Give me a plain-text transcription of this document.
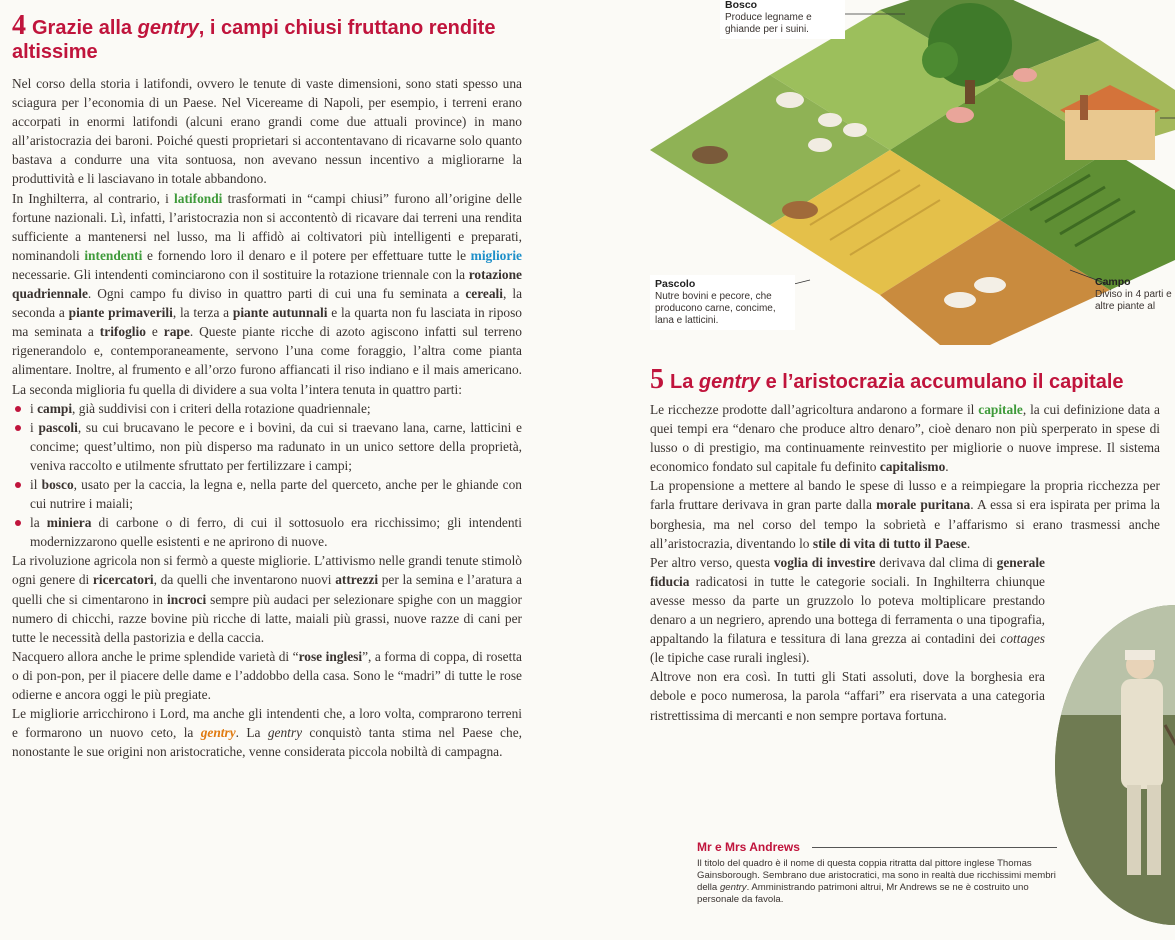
4 Grazie alla gentry, i campi chiusi fruttano rendite altissime

Nel corso della storia i latifondi, ovvero le tenute di vaste dimensioni, sono stati spesso una sciagura per l’economia di un Paese. Nel Vicereame di Napoli, per esempio, i terreni erano accorpati in enormi latifondi (alcuni erano grandi come due attuali province) in mano all’aristocrazia dei baroni. Poiché questi proprietari si accontentavano di ricavarne solo quanto bastava a condurre una vita sontuosa, non avevano nessun incentivo a migliorarne la produttività e li lasciavano in totale abbandono.

In Inghilterra, al contrario, i latifondi trasformati in “campi chiusi” furono all’origine delle fortune nazionali. Lì, infatti, l’aristocrazia non si accontentò di ricavare dai terreni una rendita sufficiente a mantenersi nel lusso, ma li affidò ai coltivatori più intelligenti e preparati, nominandoli intendenti e fornendo loro il denaro e il potere per effettuare tutte le migliorie necessarie. Gli intendenti cominciarono con il sostituire la rotazione triennale con la rotazione quadriennale. Ogni campo fu diviso in quattro parti di cui una fu seminata a cereali, la seconda a piante primaverili, la terza a piante autunnali e la quarta non fu lasciata in riposo ma seminata a trifoglio e rape. Queste piante ricche di azoto agiscono infatti sul terreno rigenerandolo e, contemporaneamente, servono l’una come foraggio, l’altra come pianta alimentare. Inoltre, al frumento e all’orzo furono affiancati il riso indiano e il mais americano. La seconda miglioria fu quella di dividere a sua volta l’intera tenuta in quattro parti:

i campi, già suddivisi con i criteri della rotazione quadriennale;
i pascoli, su cui brucavano le pecore e i bovini, da cui si traevano lana, carne, latticini e concime; quest’ultimo, non più disperso ma radunato in un unico settore della proprietà, veniva raccolto e utilmente sfruttato per fertilizzare i campi;
il bosco, usato per la caccia, la legna e, nella parte del querceto, anche per le ghiande con cui nutrire i maiali;
la miniera di carbone o di ferro, di cui il sottosuolo era ricchissimo; gli intendenti modernizzarono quelle esistenti e ne aprirono di nuove.

La rivoluzione agricola non si fermò a queste migliorie. L’attivismo nelle grandi tenute stimolò ogni genere di ricercatori, da quelli che inventarono nuovi attrezzi per la semina e l’aratura a quelli che si cimentarono in incroci sempre più audaci per selezionare spighe con un maggior numero di chicchi, razze bovine più ricche di latte, maiali più grassi, nuove razze di cani per tutte le necessità della pastorizia e della caccia.

Nacquero allora anche le prime splendide varietà di “rose inglesi”, a forma di coppa, di rosetta o di pon-pon, per il piacere delle dame e l’addobbo della casa. Sono le “madri” di tutte le rose odierne e ancora oggi le più pregiate.

Le migliorie arricchirono i Lord, ma anche gli intendenti che, a loro volta, comprarono terreni e formarono un nuovo ceto, la gentry. La gentry conquistò tanta stima nel Paese che, nonostante le sue origini non aristocratiche, venne considerata piccola nobiltà di campagna.

Bosco
Produce legname e ghiande per i suini.
Pascolo
Nutre bovini e pecore, che producono carne, concime, lana e latticini.
Campo

Diviso in 4 parti e altre piante al
5 La gentry e l’aristocrazia accumulano il capitale

Le ricchezze prodotte dall’agricoltura andarono a formare il capitale, la cui definizione data a quei tempi era “denaro che produce altro denaro”, cioè denaro non più sperperato in spese di lusso o di prestigio, ma continuamente reinvestito per migliorie o nuove imprese. Il sistema economico fondato sul capitale fu definito capitalismo.

La propensione a mettere al bando le spese di lusso e a reimpiegare la propria ricchezza per farla fruttare derivava in gran parte dalla morale puritana. A essa si era ispirata per prima la borghesia, ma nel corso del tempo la sobrietà e l’affarismo si erano trasmessi anche all’aristocrazia, diventando lo stile di vita di tutto il Paese.

Per altro verso, questa voglia di investire derivava dal clima di generale fiducia radicatosi in tutte le categorie sociali. In Inghilterra chiunque avesse messo da parte un gruzzolo lo poteva moltiplicare prestando denaro a un negriero, aprendo una bottega di ferramenta o una tipografia, appaltando la filatura e tessitura di lana grezza ai contadini dei cottages (le tipiche case rurali inglesi).

Altrove non era così. In tutti gli Stati assoluti, dove la borghesia era debole e poco numerosa, la parola “affari” era riservata a una categoria ristrettissima di mercanti e non sempre portava fortuna.

Mr e Mrs Andrews
Il titolo del quadro è il nome di questa coppia ritratta dal pittore inglese Thomas Gainsborough. Sembrano due aristocratici, ma sono in realtà due ricchissimi membri della gentry. Amministrando patrimoni altrui, Mr Andrews se ne è costruito uno personale da favola.
